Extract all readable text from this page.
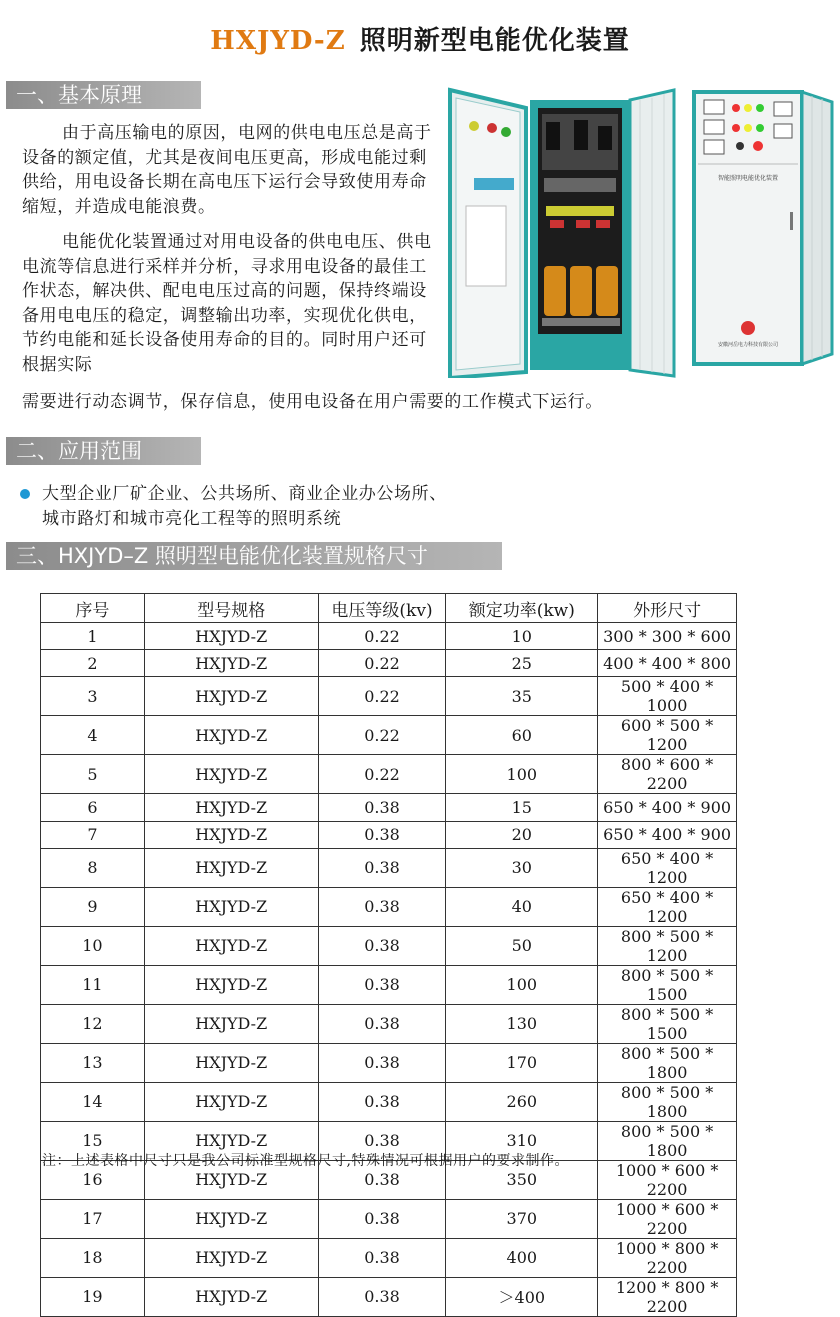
HXJYD-Z 照明新型电能优化装置
一、基本原理
由于高压输电的原因，电网的供电电压总是高于设备的额定值，尤其是夜间电压更高，形成电能过剩供给，用电设备长期在高电压下运行会导致使用寿命缩短，并造成电能浪费。
电能优化装置通过对用电设备的供电电压、供电电流等信息进行采样并分析，寻求用电设备的最佳工作状态，解决供、配电电压过高的问题，保持终端设备用电电压的稳定，调整输出功率，实现优化供电，节约电能和延长设备使用寿命的目的。同时用户还可根据实际
需要进行动态调节，保存信息，使用电设备在用户需要的工作模式下运行。
智能照明电能优化装置
安徽河岳电力科技有限公司
二、应用范围
大型企业厂矿企业、公共场所、商业企业办公场所、
城市路灯和城市亮化工程等的照明系统
三、HXJYD–Z 照明型电能优化装置规格尺寸
序号	型号规格	电压等级(kv)	额定功率(kw)	外形尺寸
1	HXJYD-Z	0.22	10	300 * 300 * 600
2	HXJYD-Z	0.22	25	400 * 400 * 800
3	HXJYD-Z	0.22	35	500 * 400 * 1000
4	HXJYD-Z	0.22	60	600 * 500 * 1200
5	HXJYD-Z	0.22	100	800 * 600 * 2200
6	HXJYD-Z	0.38	15	650 * 400 * 900
7	HXJYD-Z	0.38	20	650 * 400 * 900
8	HXJYD-Z	0.38	30	650 * 400 * 1200
9	HXJYD-Z	0.38	40	650 * 400 * 1200
10	HXJYD-Z	0.38	50	800 * 500 * 1200
11	HXJYD-Z	0.38	100	800 * 500 * 1500
12	HXJYD-Z	0.38	130	800 * 500 * 1500
13	HXJYD-Z	0.38	170	800 * 500 * 1800
14	HXJYD-Z	0.38	260	800 * 500 * 1800
15	HXJYD-Z	0.38	310	800 * 500 * 1800
16	HXJYD-Z	0.38	350	1000 * 600 * 2200
17	HXJYD-Z	0.38	370	1000 * 600 * 2200
18	HXJYD-Z	0.38	400	1000 * 800 * 2200
19	HXJYD-Z	0.38	＞400	1200 * 800 * 2200
注：上述表格中尺寸只是我公司标准型规格尺寸,特殊情况可根据用户的要求制作。
